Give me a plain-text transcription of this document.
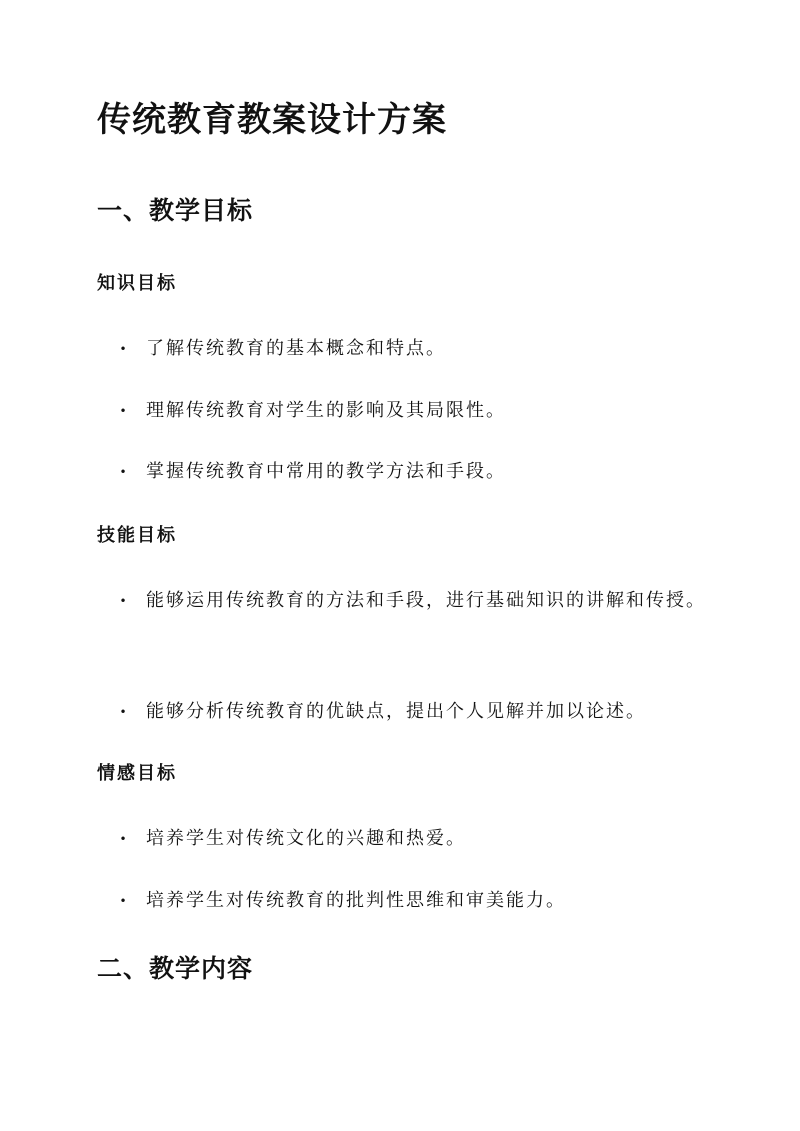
传统教育教案设计方案
一、教学目标
知识目标
• 了解传统教育的基本概念和特点。
• 理解传统教育对学生的影响及其局限性。
• 掌握传统教育中常用的教学方法和手段。
技能目标
• 能够运用传统教育的方法和手段，进行基础知识的讲解和传授。
• 能够分析传统教育的优缺点，提出个人见解并加以论述。
情感目标
• 培养学生对传统文化的兴趣和热爱。
• 培养学生对传统教育的批判性思维和审美能力。
二、教学内容
